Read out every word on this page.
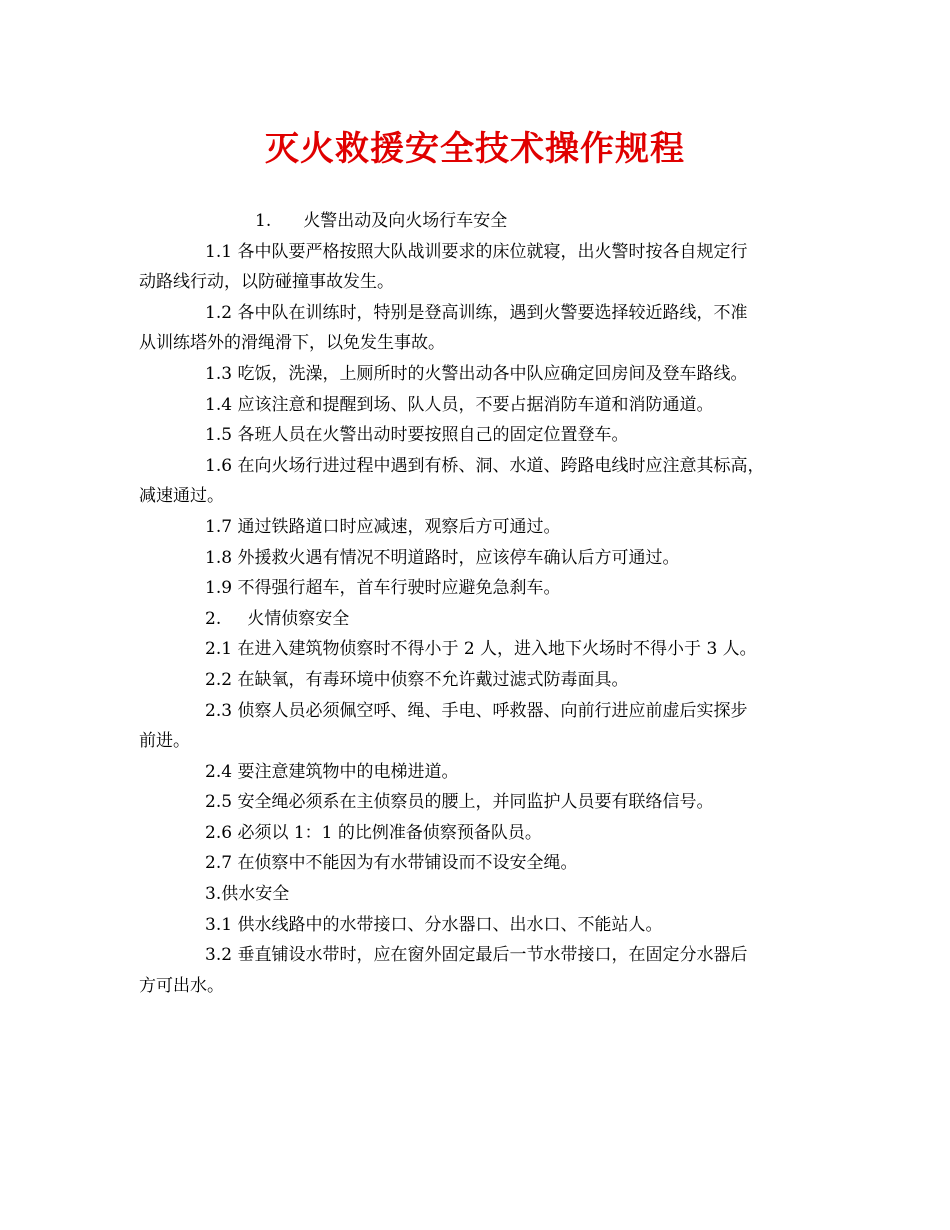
灭火救援安全技术操作规程
1. 火警出动及向火场行车安全
1.1 各中队要严格按照大队战训要求的床位就寝，出火警时按各自规定行
动路线行动，以防碰撞事故发生。
1.2 各中队在训练时，特别是登高训练，遇到火警要选择较近路线，不准
从训练塔外的滑绳滑下，以免发生事故。
1.3 吃饭，洗澡，上厕所时的火警出动各中队应确定回房间及登车路线。
1.4 应该注意和提醒到场、队人员，不要占据消防车道和消防通道。
1.5 各班人员在火警出动时要按照自己的固定位置登车。
1.6 在向火场行进过程中遇到有桥、洞、水道、跨路电线时应注意其标高，
减速通过。
1.7 通过铁路道口时应减速，观察后方可通过。
1.8 外援救火遇有情况不明道路时，应该停车确认后方可通过。
1.9 不得强行超车，首车行驶时应避免急刹车。
2. 火情侦察安全
2.1 在进入建筑物侦察时不得小于 2 人，进入地下火场时不得小于 3 人。
2.2 在缺氧，有毒环境中侦察不允许戴过滤式防毒面具。
2.3 侦察人员必须佩空呼、绳、手电、呼救器、向前行进应前虚后实探步
前进。
2.4 要注意建筑物中的电梯进道。
2.5 安全绳必须系在主侦察员的腰上，并同监护人员要有联络信号。
2.6 必须以 1：1 的比例准备侦察预备队员。
2.7 在侦察中不能因为有水带铺设而不设安全绳。
3.供水安全
3.1 供水线路中的水带接口、分水器口、出水口、不能站人。
3.2 垂直铺设水带时，应在窗外固定最后一节水带接口，在固定分水器后
方可出水。
